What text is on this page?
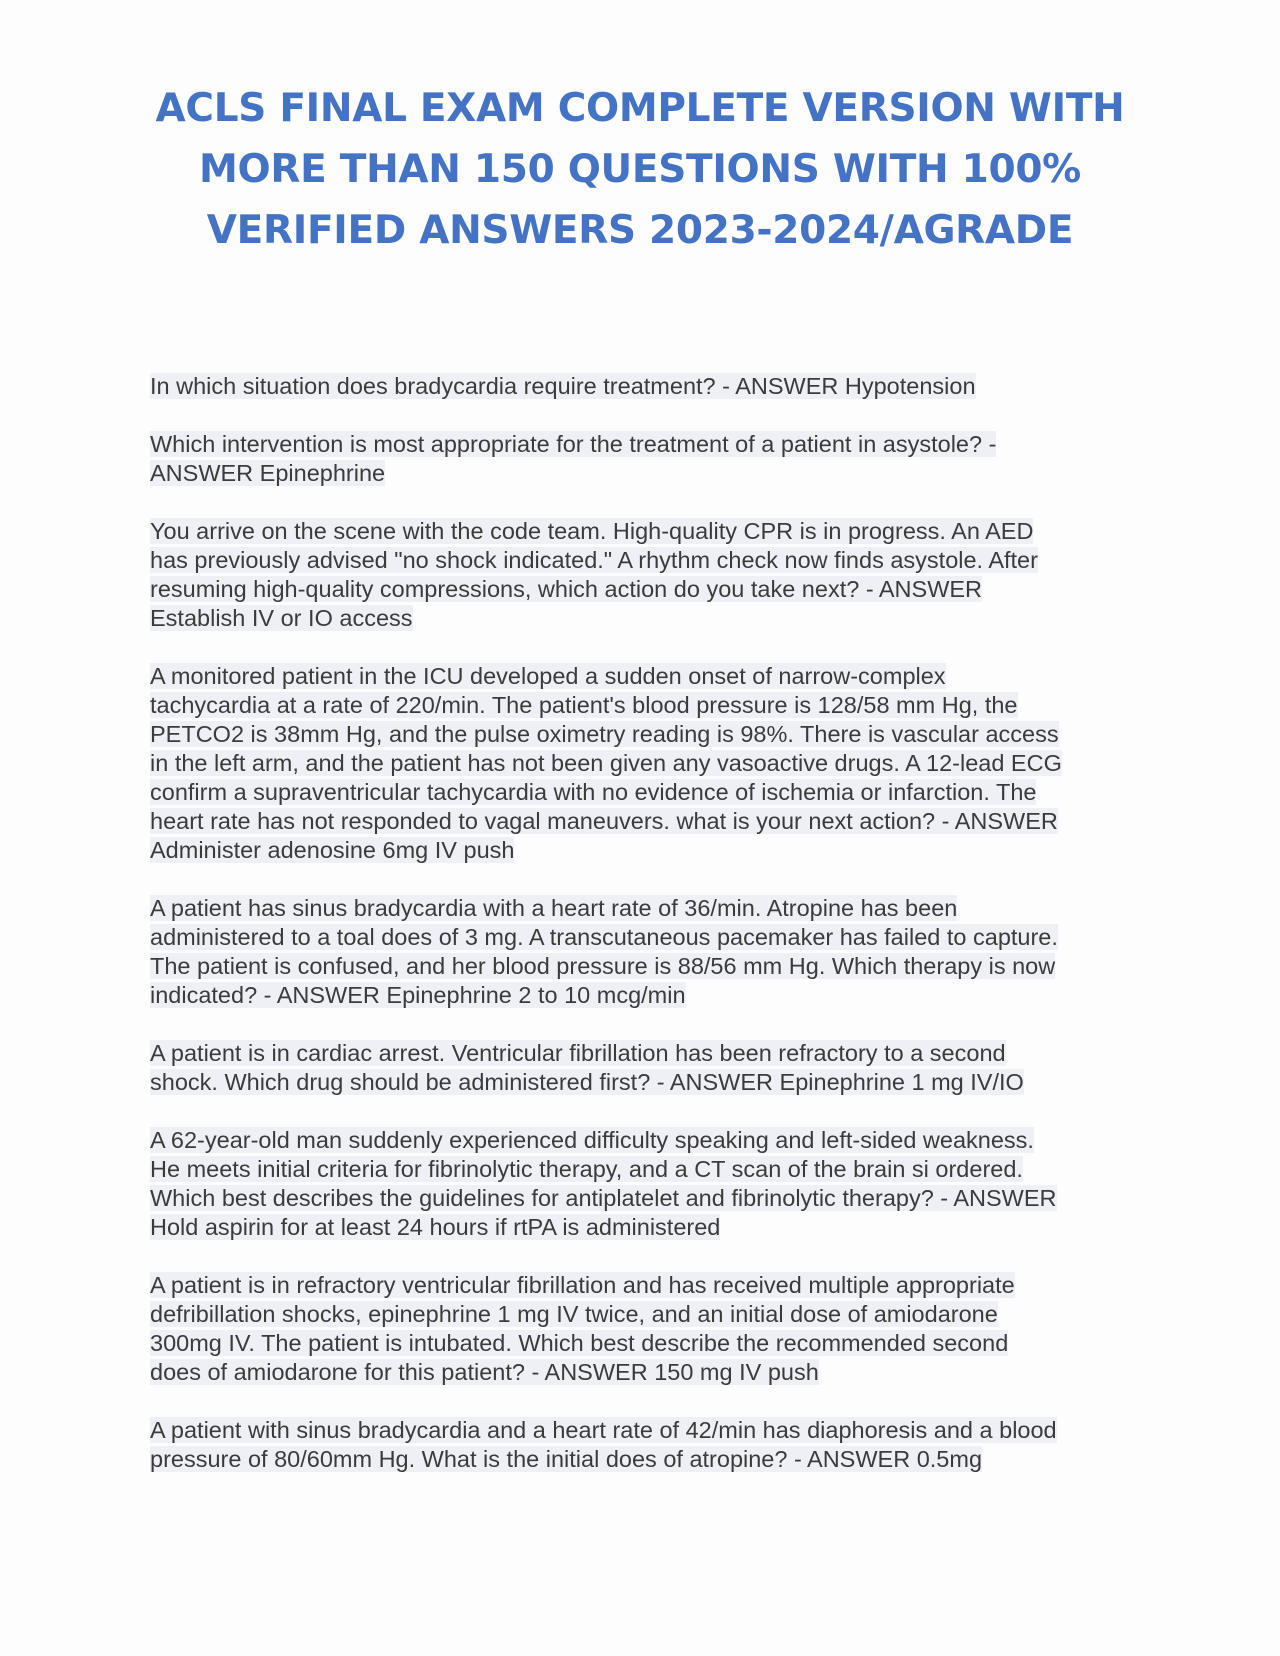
ACLS FINAL EXAM COMPLETE VERSION WITH
MORE THAN 150 QUESTIONS WITH 100%
VERIFIED ANSWERS 2023-2024/AGRADE

In which situation does bradycardia require treatment? - ANSWER Hypotension

Which intervention is most appropriate for the treatment of a patient in asystole? -
ANSWER Epinephrine

You arrive on the scene with the code team. High-quality CPR is in progress. An AED
has previously advised "no shock indicated." A rhythm check now finds asystole. After
resuming high-quality compressions, which action do you take next? - ANSWER
Establish IV or IO access

A monitored patient in the ICU developed a sudden onset of narrow-complex
tachycardia at a rate of 220/min. The patient's blood pressure is 128/58 mm Hg, the
PETCO2 is 38mm Hg, and the pulse oximetry reading is 98%. There is vascular access
in the left arm, and the patient has not been given any vasoactive drugs. A 12-lead ECG
confirm a supraventricular tachycardia with no evidence of ischemia or infarction. The
heart rate has not responded to vagal maneuvers. what is your next action? - ANSWER
Administer adenosine 6mg IV push

A patient has sinus bradycardia with a heart rate of 36/min. Atropine has been
administered to a toal does of 3 mg. A transcutaneous pacemaker has failed to capture.
The patient is confused, and her blood pressure is 88/56 mm Hg. Which therapy is now
indicated? - ANSWER Epinephrine 2 to 10 mcg/min

A patient is in cardiac arrest. Ventricular fibrillation has been refractory to a second
shock. Which drug should be administered first? - ANSWER Epinephrine 1 mg IV/IO

A 62-year-old man suddenly experienced difficulty speaking and left-sided weakness.
He meets initial criteria for fibrinolytic therapy, and a CT scan of the brain si ordered.
Which best describes the guidelines for antiplatelet and fibrinolytic therapy? - ANSWER
Hold aspirin for at least 24 hours if rtPA is administered

A patient is in refractory ventricular fibrillation and has received multiple appropriate
defribillation shocks, epinephrine 1 mg IV twice, and an initial dose of amiodarone
300mg IV. The patient is intubated. Which best describe the recommended second
does of amiodarone for this patient? - ANSWER 150 mg IV push

A patient with sinus bradycardia and a heart rate of 42/min has diaphoresis and a blood
pressure of 80/60mm Hg. What is the initial does of atropine? - ANSWER 0.5mg
